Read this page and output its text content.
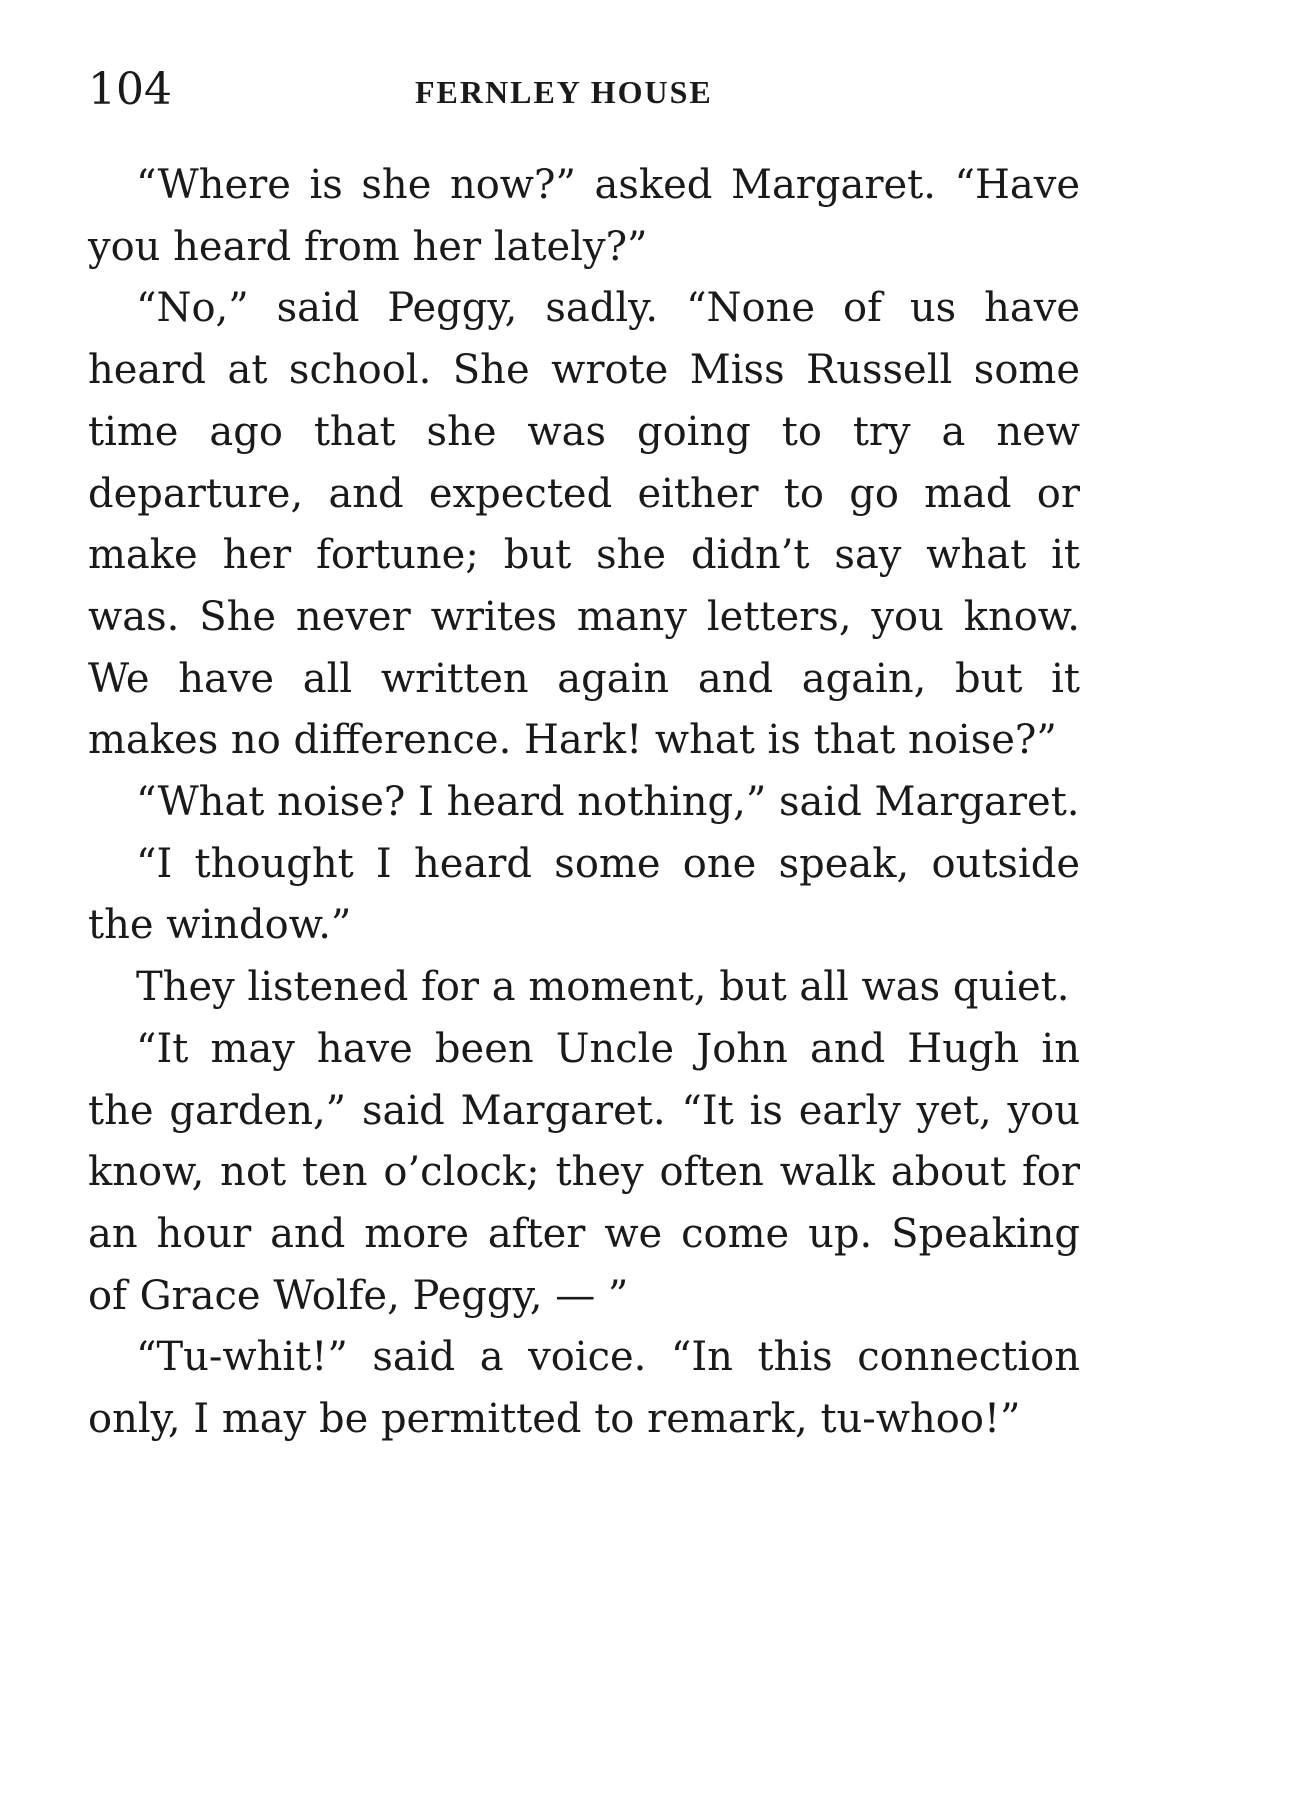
104	FERNLEY HOUSE

“Where is she now?” asked Margaret. “Have you heard from her lately?”

“No,” said Peggy, sadly. “None of us have heard at school. She wrote Miss Russell some time ago that she was going to try a new departure, and expected either to go mad or make her fortune; but she didn’t say what it was. She never writes many letters, you know. We have all written again and again, but it makes no difference. Hark! what is that noise?”

“What noise? I heard nothing,” said Margaret.

“I thought I heard some one speak, outside the window.”

They listened for a moment, but all was quiet.

“It may have been Uncle John and Hugh in the garden,” said Margaret. “It is early yet, you know, not ten o’clock; they often walk about for an hour and more after we come up. Speaking of Grace Wolfe, Peggy, — ”

“Tu-whit!” said a voice. “In this connection only, I may be permitted to remark, tu-whoo!”
